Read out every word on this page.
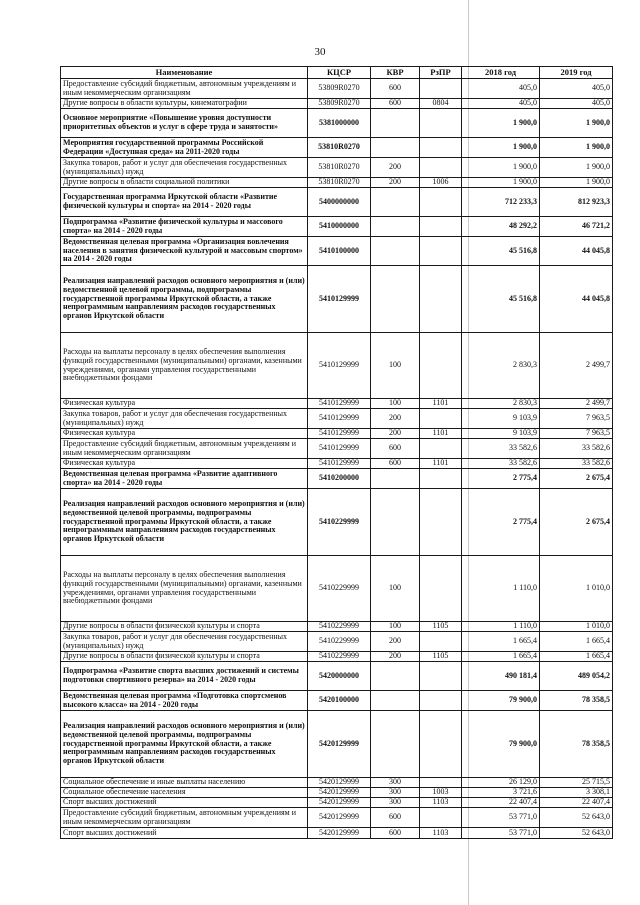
30
Наименование	КЦСР	КВР	РзПР	2018 год	2019 год
Предоставление субсидий бюджетным, автономным учреждениям и иным некоммерческим организациям	53809R0270	600		405,0	405,0
Другие вопросы в области культуры, кинематографии	53809R0270	600	0804	405,0	405,0
Основное мероприятие «Повышение уровня доступности приоритетных объектов и услуг в сфере труда и занятости»	5381000000			1 900,0	1 900,0
Мероприятия государственной программы Российской Федерации «Доступная среда» на 2011-2020 годы	53810R0270			1 900,0	1 900,0
Закупка товаров, работ и услуг для обеспечения государственных (муниципальных) нужд	53810R0270	200		1 900,0	1 900,0
Другие вопросы в области социальной политики	53810R0270	200	1006	1 900,0	1 900,0
Государственная программа Иркутской области «Развитие физической культуры и спорта» на 2014 - 2020 годы	5400000000			712 233,3	812 923,3
Подпрограмма «Развитие физической культуры и массового спорта» на 2014 - 2020 годы	5410000000			48 292,2	46 721,2
Ведомственная целевая программа «Организация вовлечения населения в занятия физической культурой и массовым спортом» на 2014 - 2020 годы	5410100000			45 516,8	44 045,8
Реализация направлений расходов основного мероприятия и (или) ведомственной целевой программы, подпрограммы государственной программы Иркутской области, а также непрограммным направлениям расходов государственных органов Иркутской области	5410129999			45 516,8	44 045,8
Расходы на выплаты персоналу в целях обеспечения выполнения функций государственными (муниципальными) органами, казенными учреждениями, органами управления государственными внебюджетными фондами	5410129999	100		2 830,3	2 499,7
Физическая культура	5410129999	100	1101	2 830,3	2 499,7
Закупка товаров, работ и услуг для обеспечения государственных (муниципальных) нужд	5410129999	200		9 103,9	7 963,5
Физическая культура	5410129999	200	1101	9 103,9	7 963,5
Предоставление субсидий бюджетным, автономным учреждениям и иным некоммерческим организациям	5410129999	600		33 582,6	33 582,6
Физическая культура	5410129999	600	1101	33 582,6	33 582,6
Ведомственная целевая программа «Развитие адаптивного спорта» на 2014 - 2020 годы	5410200000			2 775,4	2 675,4
Реализация направлений расходов основного мероприятия и (или) ведомственной целевой программы, подпрограммы государственной программы Иркутской области, а также непрограммным направлениям расходов государственных органов Иркутской области	5410229999			2 775,4	2 675,4
Расходы на выплаты персоналу в целях обеспечения выполнения функций государственными (муниципальными) органами, казенными учреждениями, органами управления государственными внебюджетными фондами	5410229999	100		1 110,0	1 010,0
Другие вопросы в области физической культуры и спорта	5410229999	100	1105	1 110,0	1 010,0
Закупка товаров, работ и услуг для обеспечения государственных (муниципальных) нужд	5410229999	200		1 665,4	1 665,4
Другие вопросы в области физической культуры и спорта	5410229999	200	1105	1 665,4	1 665,4
Подпрограмма «Развитие спорта высших достижений и системы подготовки спортивного резерва» на 2014 - 2020 годы	5420000000			490 181,4	489 054,2
Ведомственная целевая программа «Подготовка спортсменов высокого класса» на 2014 - 2020 годы	5420100000			79 900,0	78 358,5
Реализация направлений расходов основного мероприятия и (или) ведомственной целевой программы, подпрограммы государственной программы Иркутской области, а также непрограммным направлениям расходов государственных органов Иркутской области	5420129999			79 900,0	78 358,5
Социальное обеспечение и иные выплаты населению	5420129999	300		26 129,0	25 715,5
Социальное обеспечение населения	5420129999	300	1003	3 721,6	3 308,1
Спорт высших достижений	5420129999	300	1103	22 407,4	22 407,4
Предоставление субсидий бюджетным, автономным учреждениям и иным некоммерческим организациям	5420129999	600		53 771,0	52 643,0
Спорт высших достижений	5420129999	600	1103	53 771,0	52 643,0
